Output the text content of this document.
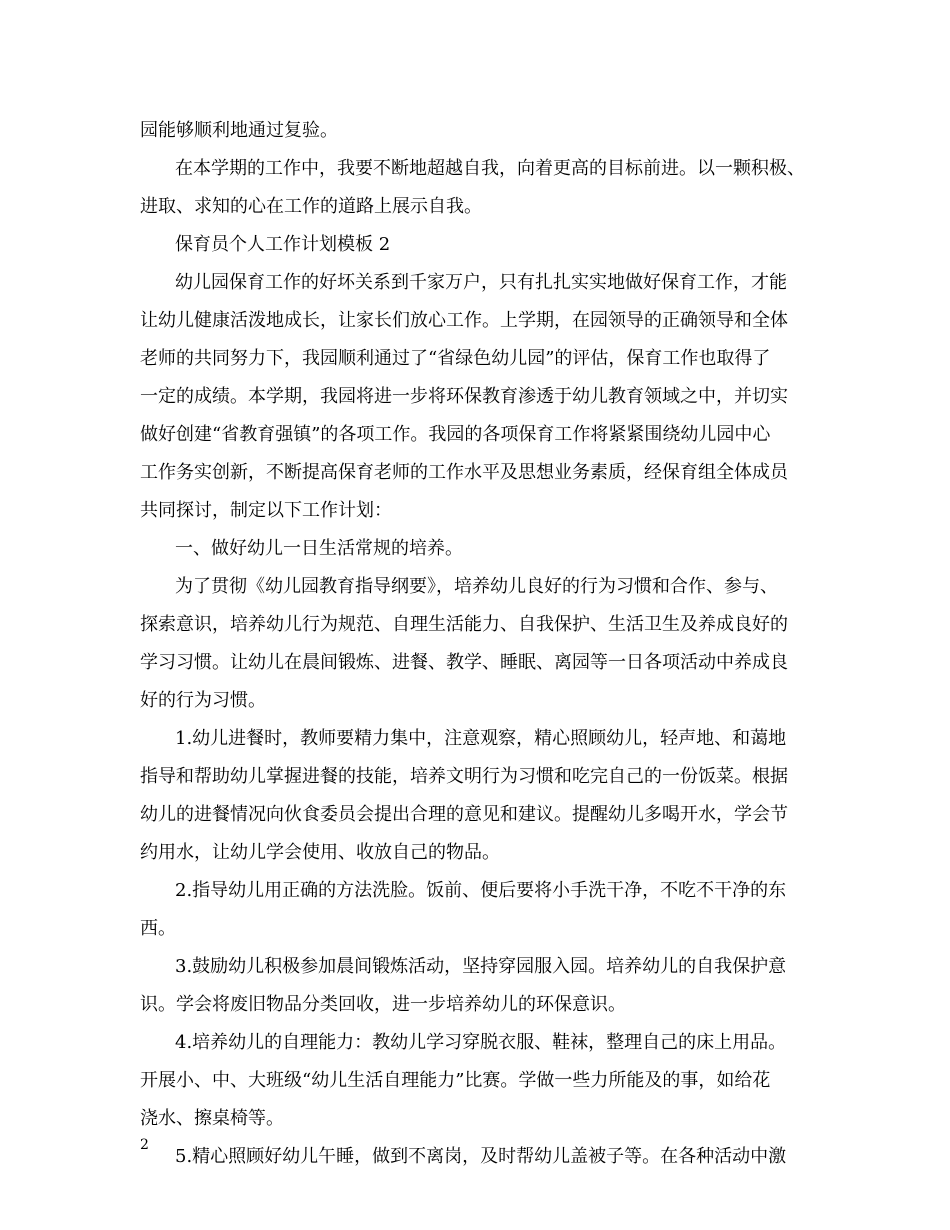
园能够顺利地通过复验。
在本学期的工作中，我要不断地超越自我，向着更高的目标前进。以一颗积极、
进取、求知的心在工作的道路上展示自我。
保育员个人工作计划模板 2
幼儿园保育工作的好坏关系到千家万户，只有扎扎实实地做好保育工作，才能
让幼儿健康活泼地成长，让家长们放心工作。上学期，在园领导的正确领导和全体
老师的共同努力下，我园顺利通过了“省绿色幼儿园”的评估，保育工作也取得了
一定的成绩。本学期，我园将进一步将环保教育渗透于幼儿教育领域之中，并切实
做好创建“省教育强镇”的各项工作。我园的各项保育工作将紧紧围绕幼儿园中心
工作务实创新，不断提高保育老师的工作水平及思想业务素质，经保育组全体成员
共同探讨，制定以下工作计划：
一、做好幼儿一日生活常规的培养。
为了贯彻《幼儿园教育指导纲要》，培养幼儿良好的行为习惯和合作、参与、
探索意识，培养幼儿行为规范、自理生活能力、自我保护、生活卫生及养成良好的
学习习惯。让幼儿在晨间锻炼、进餐、教学、睡眠、离园等一日各项活动中养成良
好的行为习惯。
1.幼儿进餐时，教师要精力集中，注意观察，精心照顾幼儿，轻声地、和蔼地
指导和帮助幼儿掌握进餐的技能，培养文明行为习惯和吃完自己的一份饭菜。根据
幼儿的进餐情况向伙食委员会提出合理的意见和建议。提醒幼儿多喝开水，学会节
约用水，让幼儿学会使用、收放自己的物品。
2.指导幼儿用正确的方法洗脸。饭前、便后要将小手洗干净，不吃不干净的东
西。
3.鼓励幼儿积极参加晨间锻炼活动，坚持穿园服入园。培养幼儿的自我保护意
识。学会将废旧物品分类回收，进一步培养幼儿的环保意识。
4.培养幼儿的自理能力：教幼儿学习穿脱衣服、鞋袜，整理自己的床上用品。
开展小、中、大班级“幼儿生活自理能力”比赛。学做一些力所能及的事，如给花
浇水、擦桌椅等。
5.精心照顾好幼儿午睡，做到不离岗，及时帮幼儿盖被子等。在各种活动中激
2
